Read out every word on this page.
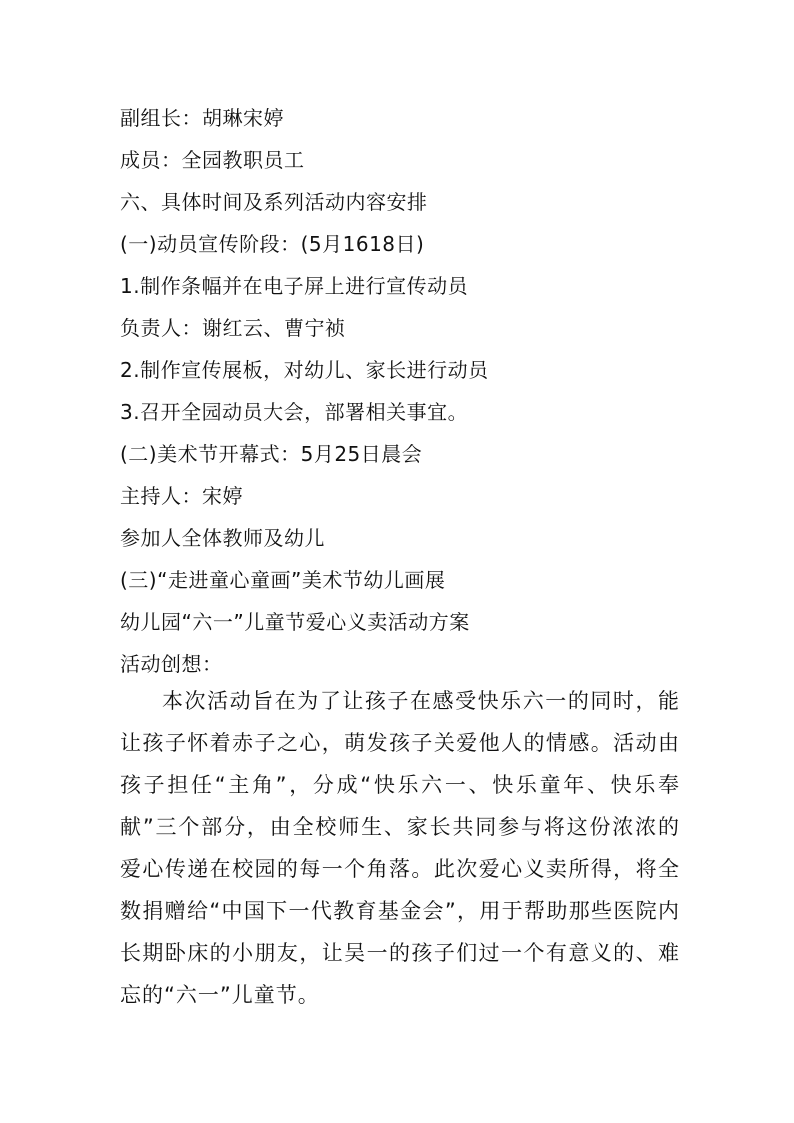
副组长：胡琳宋婷
成员：全园教职员工
六、具体时间及系列活动内容安排
(一)动员宣传阶段：(5月1618日)
1.制作条幅并在电子屏上进行宣传动员
负责人：谢红云、曹宁祯
2.制作宣传展板，对幼儿、家长进行动员
3.召开全园动员大会，部署相关事宜。
(二)美术节开幕式：5月25日晨会
主持人：宋婷
参加人全体教师及幼儿
(三)“走进童心童画”美术节幼儿画展
幼儿园“六一”儿童节爱心义卖活动方案
活动创想：
本次活动旨在为了让孩子在感受快乐六一的同时，能让孩子怀着赤子之心，萌发孩子关爱他人的情感。活动由孩子担任“主角”，分成“快乐六一、快乐童年、快乐奉献”三个部分，由全校师生、家长共同参与将这份浓浓的爱心传递在校园的每一个角落。此次爱心义卖所得，将全数捐赠给“中国下一代教育基金会”，用于帮助那些医院内长期卧床的小朋友，让吴一的孩子们过一个有意义的、难忘的“六一”儿童节。
